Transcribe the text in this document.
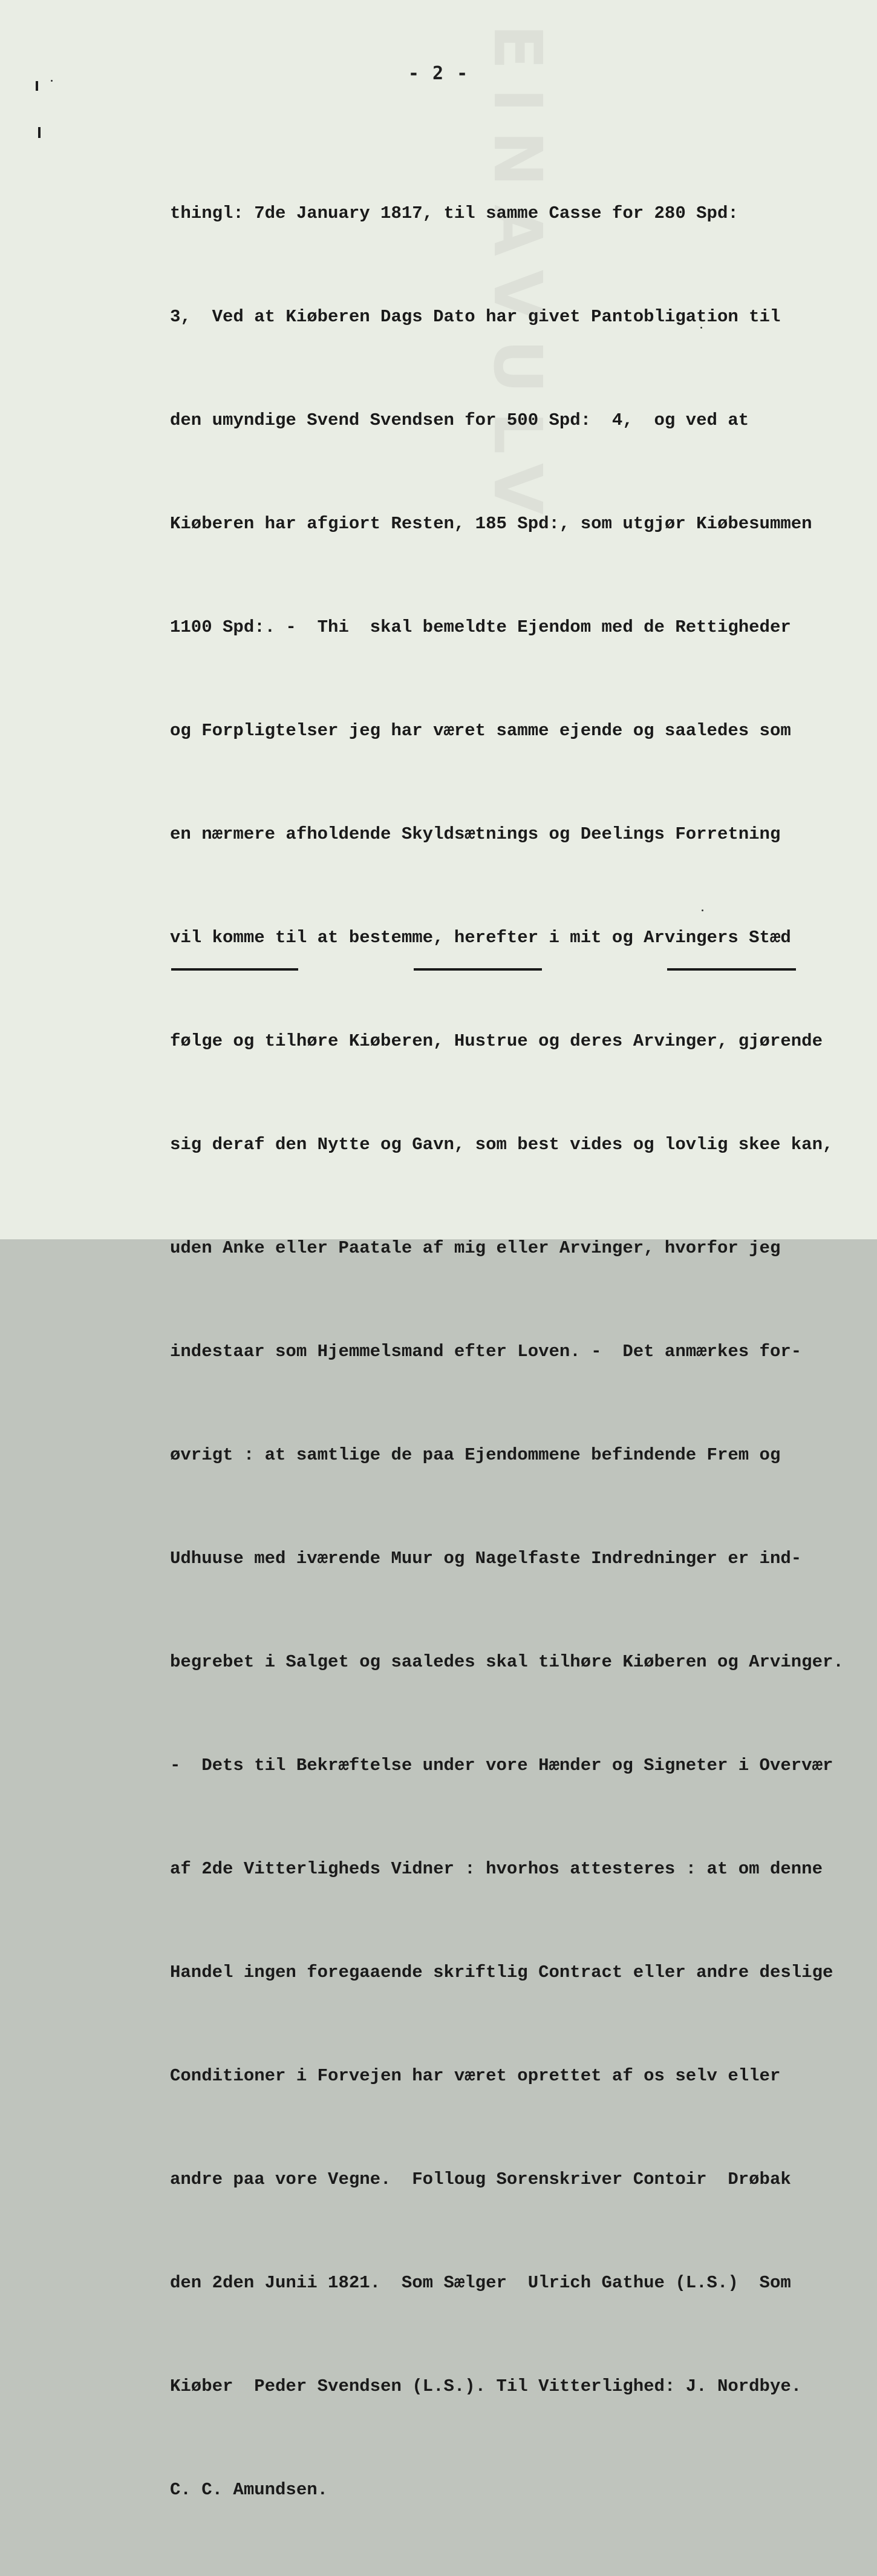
EINAVULV
- 2 -

thingl: 7de January 1817, til samme Casse for 280 Spd:

3,  Ved at Kiøberen Dags Dato har givet Pantobligation til

den umyndige Svend Svendsen for 500 Spd:  4,  og ved at

Kiøberen har afgiort Resten, 185 Spd:, som utgjør Kiøbesummen

1100 Spd:. -  Thi  skal bemeldte Ejendom med de Rettigheder

og Forpligtelser jeg har været samme ejende og saaledes som

en nærmere afholdende Skyldsætnings og Deelings Forretning

vil komme til at bestemme, herefter i mit og Arvingers Stæd

følge og tilhøre Kiøberen, Hustrue og deres Arvinger, gjørende

sig deraf den Nytte og Gavn, som best vides og lovlig skee kan,

uden Anke eller Paatale af mig eller Arvinger, hvorfor jeg

indestaar som Hjemmelsmand efter Loven. -  Det anmærkes for-

øvrigt : at samtlige de paa Ejendommene befindende Frem og

Udhuuse med iværende Muur og Nagelfaste Indredninger er ind-

begrebet i Salget og saaledes skal tilhøre Kiøberen og Arvinger.

-  Dets til Bekræftelse under vore Hænder og Signeter i Overvær

af 2de Vitterligheds Vidner : hvorhos attesteres : at om denne

Handel ingen foregaaende skriftlig Contract eller andre deslige

Conditioner i Forvejen har været oprettet af os selv eller

andre paa vore Vegne.  Folloug Sorenskriver Contoir  Drøbak

den 2den Junii 1821.  Som Sælger  Ulrich Gathue (L.S.)  Som

Kiøber  Peder Svendsen (L.S.). Til Vitterlighed: J. Nordbye.

C. C. Amundsen.
